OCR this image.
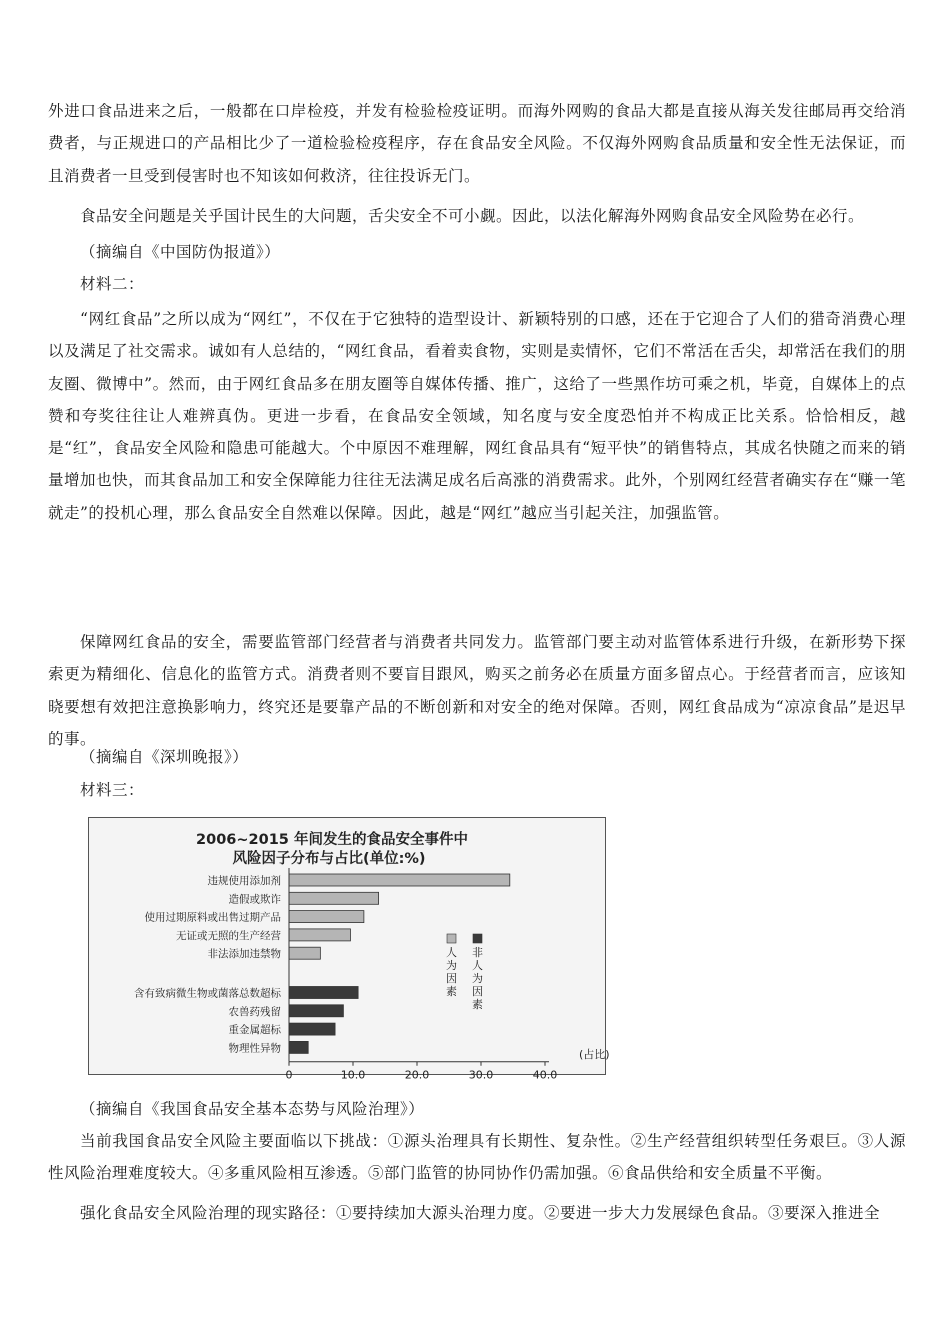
外进口食品进来之后，一般都在口岸检疫，并发有检验检疫证明。而海外网购的食品大都是直接从海关发往邮局再交给消费者，与正规进口的产品相比少了一道检验检疫程序，存在食品安全风险。不仅海外网购食品质量和安全性无法保证，而且消费者一旦受到侵害时也不知该如何救济，往往投诉无门。

食品安全问题是关乎国计民生的大问题，舌尖安全不可小觑。因此，以法化解海外网购食品安全风险势在必行。

（摘编自《中国防伪报道》）

材料二：

“网红食品”之所以成为“网红”，不仅在于它独特的造型设计、新颖特别的口感，还在于它迎合了人们的猎奇消费心理以及满足了社交需求。诚如有人总结的，“网红食品，看着卖食物，实则是卖情怀，它们不常活在舌尖，却常活在我们的朋友圈、微博中”。然而，由于网红食品多在朋友圈等自媒体传播、推广，这给了一些黑作坊可乘之机，毕竟，自媒体上的点赞和夸奖往往让人难辨真伪。更进一步看，在食品安全领域，知名度与安全度恐怕并不构成正比关系。恰恰相反，越是“红”，食品安全风险和隐患可能越大。个中原因不难理解，网红食品具有“短平快”的销售特点，其成名快随之而来的销量增加也快，而其食品加工和安全保障能力往往无法满足成名后高涨的消费需求。此外，个别网红经营者确实存在“赚一笔就走”的投机心理，那么食品安全自然难以保障。因此，越是“网红”越应当引起关注，加强监管。

保障网红食品的安全，需要监管部门经营者与消费者共同发力。监管部门要主动对监管体系进行升级，在新形势下探索更为精细化、信息化的监管方式。消费者则不要盲目跟风，购买之前务必在质量方面多留点心。于经营者而言，应该知晓要想有效把注意换影响力，终究还是要靠产品的不断创新和对安全的绝对保障。否则，网红食品成为“凉凉食品”是迟早的事。

（摘编自《深圳晚报》）

材料三：

2006~2015 年间发生的食品安全事件中
风险因子分布与占比(单位:%)
违规使用添加剂
造假或欺诈
使用过期原料或出售过期产品
无证或无照的生产经营
非法添加违禁物
含有致病微生物或菌落总数超标
农兽药残留
重金属超标
物理性异物
0	10.0	20.0	30.0	40.0
人为因素
非人为因素
(占比)

（摘编自《我国食品安全基本态势与风险治理》）

当前我国食品安全风险主要面临以下挑战：①源头治理具有长期性、复杂性。②生产经营组织转型任务艰巨。③人源性风险治理难度较大。④多重风险相互渗透。⑤部门监管的协同协作仍需加强。⑥食品供给和安全质量不平衡。

强化食品安全风险治理的现实路径：①要持续加大源头治理力度。②要进一步大力发展绿色食品。③要深入推进全
